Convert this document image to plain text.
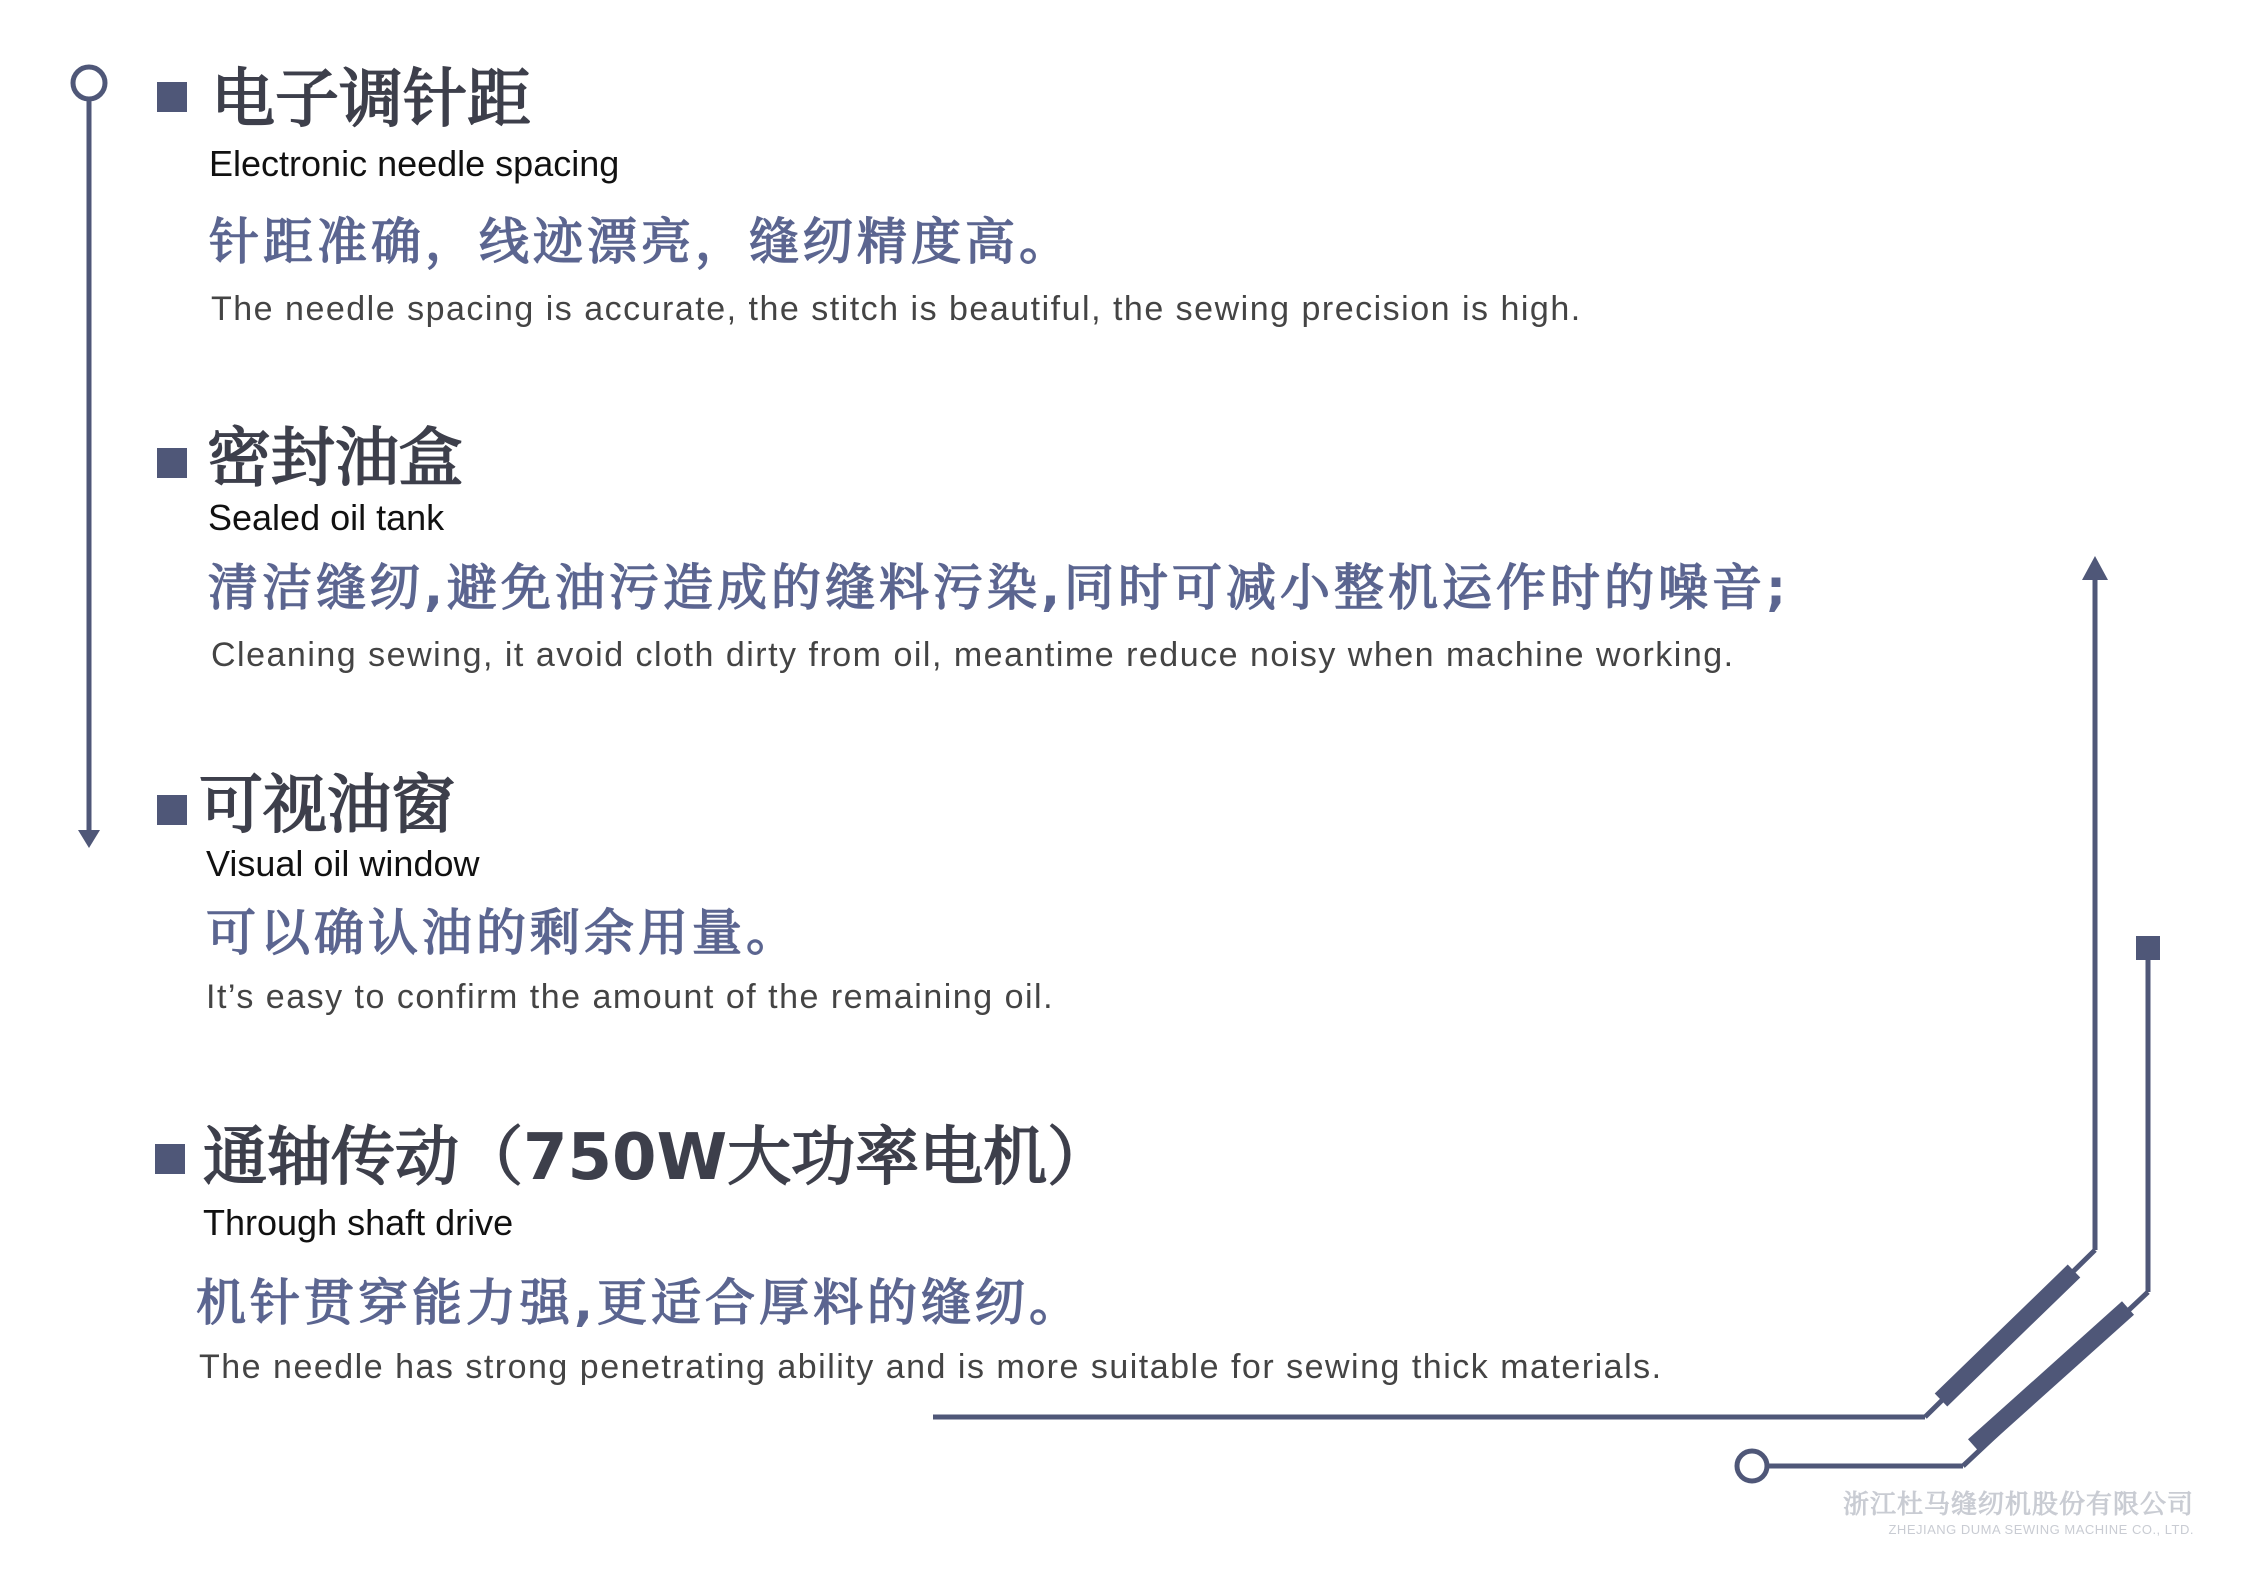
电子调针距
Electronic needle spacing
针距准确，线迹漂亮，缝纫精度高。
The needle spacing is accurate, the stitch is beautiful, the sewing precision is high.
密封油盒
Sealed oil tank
清洁缝纫,避免油污造成的缝料污染,同时可减小整机运作时的噪音;
Cleaning sewing, it avoid cloth dirty from oil, meantime reduce noisy when machine working.
可视油窗
Visual oil window
可以确认油的剩余用量。
It’s easy to confirm the amount of the remaining oil.
通轴传动（750W大功率电机）
Through shaft drive
机针贯穿能力强,更适合厚料的缝纫。
The needle has strong penetrating ability and is more suitable for sewing thick materials.
浙江杜马缝纫机股份有限公司
ZHEJIANG DUMA SEWING MACHINE CO., LTD.
